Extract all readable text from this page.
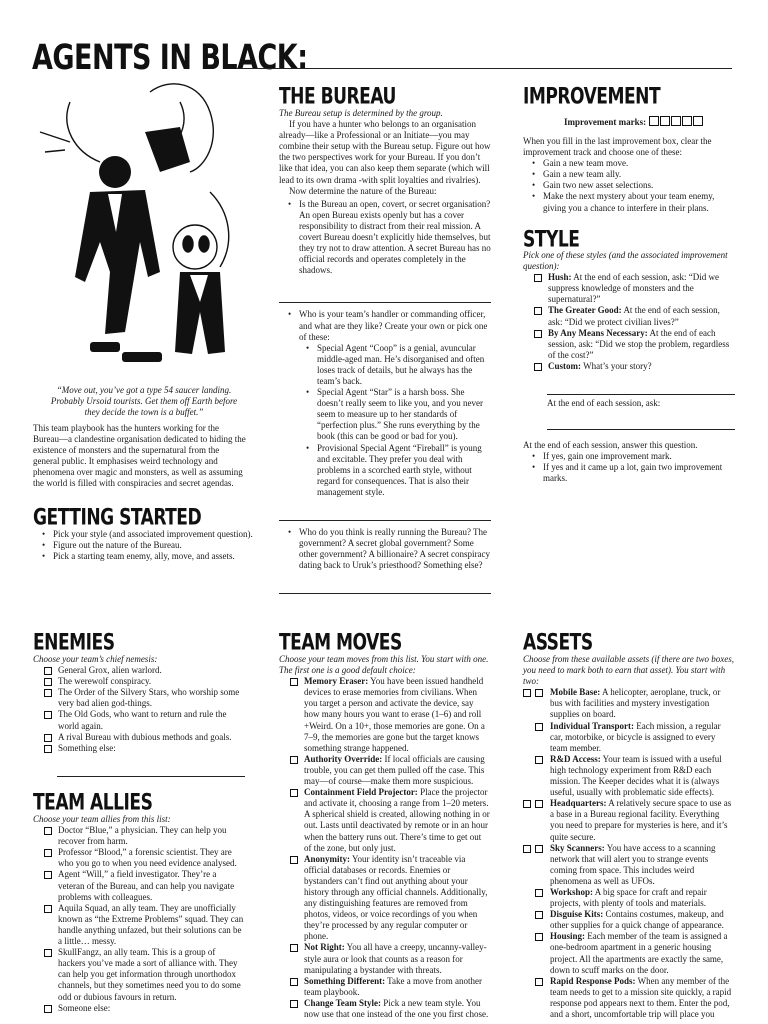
AGENTS IN BLACK:
“Move out, you’ve got a type 54 saucer landing. Probably Ursoid tourists. Get them off Earth before they decide the town is a buffet.”
This team playbook has the hunters working for the Bureau—a clandestine organisation dedicated to hiding the existence of monsters and the supernatural from the general public. It emphasises weird technology and phenomena over magic and monsters, as well as assuming the world is filled with conspiracies and secret agendas.
GETTING STARTED
• Pick your style (and associated improvement question).
• Figure out the nature of the Bureau.
• Pick a starting team enemy, ally, move, and assets.
THE BUREAU
The Bureau setup is determined by the group.
If you have a hunter who belongs to an organisation already—like a Professional or an Initiate—you may combine their setup with the Bureau setup. Figure out how the two perspectives work for your Bureau. If you don’t like that idea, you can also keep them separate (which will lead to its own drama -with split loyalties and rivalries).
Now determine the nature of the Bureau:
• Is the Bureau an open, covert, or secret organisation? An open Bureau exists openly but has a cover responsibility to distract from their real mission. A covert Bureau doesn’t explicitly hide themselves, but they try not to draw attention. A secret Bureau has no official records and operates completely in the shadows.
• Who is your team’s handler or commanding officer, and what are they like? Create your own or pick one of these:
• Special Agent “Coop” is a genial, avuncular middle-aged man. He’s disorganised and often loses track of details, but he always has the team’s back.
• Special Agent “Star” is a harsh boss. She doesn’t really seem to like you, and you never seem to measure up to her standards of “perfection plus.” She runs everything by the book (this can be good or bad for you).
• Provisional Special Agent “Fireball” is young and excitable. They prefer you deal with problems in a scorched earth style, without regard for consequences. That is also their management style.
• Who do you think is really running the Bureau? The government? A secret global government? Some other government? A billionaire? A secret conspiracy dating back to Uruk’s priesthood? Something else?
IMPROVEMENT
Improvement marks:
When you fill in the last improvement box, clear the improvement track and choose one of these:
• Gain a new team move.
• Gain a new team ally.
• Gain two new asset selections.
• Make the next mystery about your team enemy, giving you a chance to interfere in their plans.
STYLE
Pick one of these styles (and the associated improvement question):
Hush: At the end of each session, ask: “Did we suppress knowledge of monsters and the supernatural?”
The Greater Good: At the end of each session, ask: “Did we protect civilian lives?”
By Any Means Necessary: At the end of each session, ask: “Did we stop the problem, regardless of the cost?”
Custom: What’s your story?
At the end of each session, ask:
At the end of each session, answer this question.
• If yes, gain one improvement mark.
• If yes and it came up a lot, gain two improvement marks.
ENEMIES
Choose your team’s chief nemesis:
General Grox, alien warlord.
The werewolf conspiracy.
The Order of the Silvery Stars, who worship some very bad alien god-things.
The Old Gods, who want to return and rule the world again.
A rival Bureau with dubious methods and goals.
Something else:
TEAM ALLIES
Choose your team allies from this list:
Doctor “Blue,” a physician. They can help you recover from harm.
Professor “Blood,” a forensic scientist. They are who you go to when you need evidence analysed.
Agent “Will,” a field investigator. They’re a veteran of the Bureau, and can help you navigate problems with colleagues.
Aquila Squad, an ally team. They are unofficially known as “the Extreme Problems” squad. They can handle anything unfazed, but their solutions can be a little… messy.
SkullFangz, an ally team. This is a group of hackers you’ve made a sort of alliance with. They can help you get information through unorthodox channels, but they sometimes need you to do some odd or dubious favours in return.
Someone else:
TEAM MOVES
Choose your team moves from this list. You start with one. The first one is a good default choice:
Memory Eraser: You have been issued handheld devices to erase memories from civilians. When you target a person and activate the device, say how many hours you want to erase (1–6) and roll +Weird. On a 10+, those memories are gone. On a 7–9, the memories are gone but the target knows something strange happened.
Authority Override: If local officials are causing trouble, you can get them pulled off the case. This may—of course—make them more suspicious.
Containment Field Projector: Place the projector and activate it, choosing a range from 1–20 meters. A spherical shield is created, allowing nothing in or out. Lasts until deactivated by remote or in an hour when the battery runs out. There’s time to get out of the zone, but only just.
Anonymity: Your identity isn’t traceable via official databases or records. Enemies or bystanders can’t find out anything about your history through any official channels. Additionally, any distinguishing features are removed from photos, videos, or voice recordings of you when they’re processed by any regular computer or phone.
Not Right: You all have a creepy, uncanny-valley-style aura or look that counts as a reason for manipulating a bystander with threats.
Something Different: Take a move from another team playbook.
Change Team Style: Pick a new team style. You now use that one instead of the one you first chose.
ASSETS
Choose from these available assets (if there are two boxes, you need to mark both to earn that asset). You start with two:
Mobile Base: A helicopter, aeroplane, truck, or bus with facilities and mystery investigation supplies on board.
Individual Transport: Each mission, a regular car, motorbike, or bicycle is assigned to every team member.
R&D Access: Your team is issued with a useful high technology experiment from R&D each mission. The Keeper decides what it is (always useful, usually with problematic side effects).
Headquarters: A relatively secure space to use as a base in a Bureau regional facility. Everything you need to prepare for mysteries is here, and it’s quite secure.
Sky Scanners: You have access to a scanning network that will alert you to strange events coming from space. This includes weird phenomena as well as UFOs.
Workshop: A big space for craft and repair projects, with plenty of tools and materials.
Disguise Kits: Contains costumes, makeup, and other supplies for a quick change of appearance.
Housing: Each member of the team is assigned a one-bedroom apartment in a generic housing project. All the apartments are exactly the same, down to scuff marks on the door.
Rapid Response Pods: When any member of the team needs to get to a mission site quickly, a rapid response pod appears next to them. Enter the pod, and a short, uncomfortable trip will place you
